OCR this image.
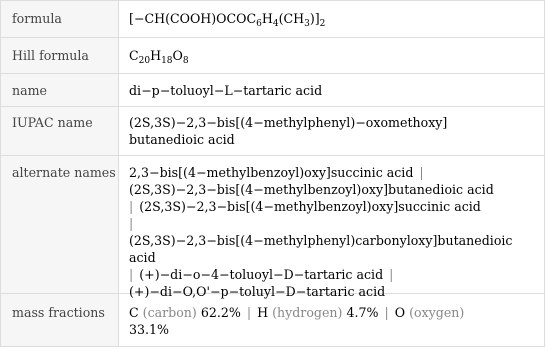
formula	$[-CH(COOH)OCOC_6H_4(CH_3)]_2$
Hill formula	$C_{20}H_{18}O_8$
name	di−p−toluoyl−L−tartaric acid
IUPAC name	(2S,3S)−2,3−bis[(4−methylphenyl)−oxomethoxy]
butanedioic acid
alternate names 2,3−bis[(4−methylbenzoyl)oxy]succinic acid |
(2S,3S)−2,3−bis[(4−methylbenzoyl)oxy]butanedioic acid
| (2S,3S)−2,3−bis[(4−methylbenzoyl)oxy]succinic acid
|
(2S,3S)−2,3−bis[(4−methylphenyl)carbonyloxy]butanedioic acid
| (+)−di−o−4−toluoyl−D−tartaric acid |
(+)−di−O,O'−p−toluyl−D−tartaric acid
mass fractions	C (carbon) 62.2% | H (hydrogen) 4.7% | O (oxygen)
33.1%
